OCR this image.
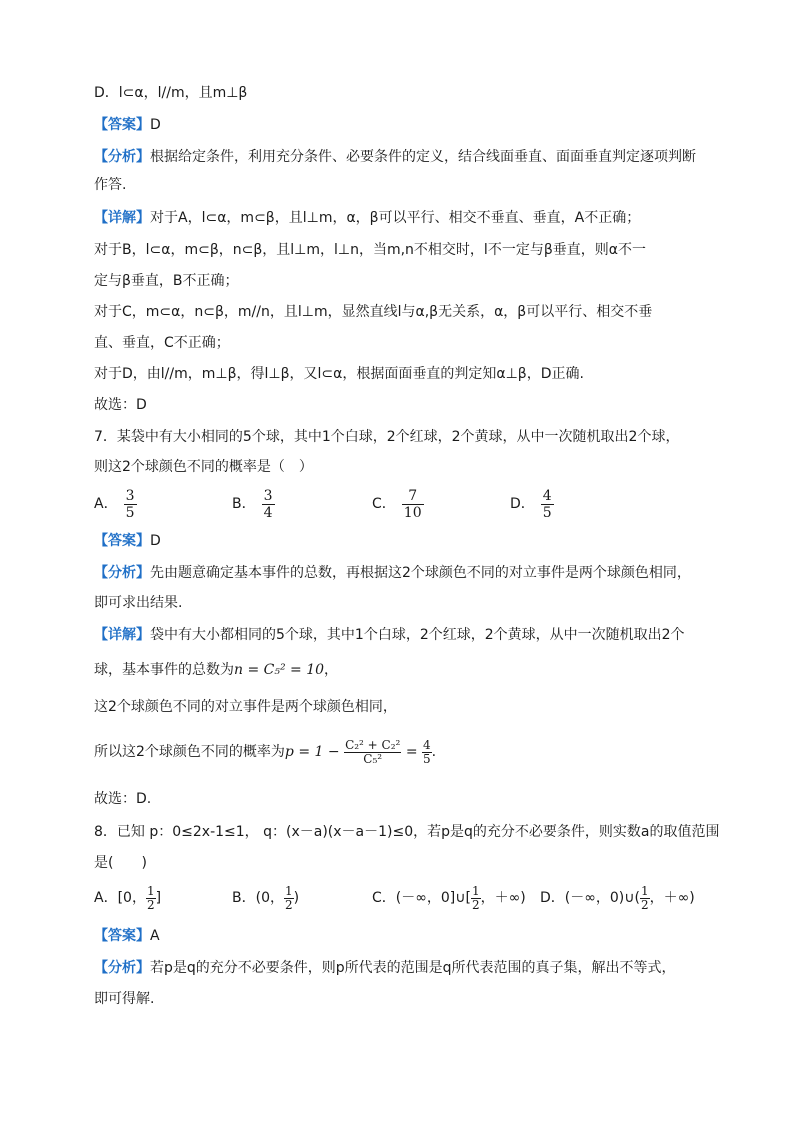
D．l⊂α，l//m，且m⊥β
【答案】D
【分析】根据给定条件，利用充分条件、必要条件的定义，结合线面垂直、面面垂直判定逐项判断
作答.
【详解】对于A，l⊂α，m⊂β，且l⊥m，α，β可以平行、相交不垂直、垂直，A不正确；
对于B，l⊂α，m⊂β，n⊂β，且l⊥m，l⊥n，当m,n不相交时，l不一定与β垂直，则α不一
定与β垂直，B不正确；
对于C，m⊂α，n⊂β，m//n，且l⊥m，显然直线l与α,β无关系，α，β可以平行、相交不垂
直、垂直，C不正确；
对于D，由l//m，m⊥β，得l⊥β，又l⊂α，根据面面垂直的判定知α⊥β，D正确.
故选：D
7．某袋中有大小相同的5个球，其中1个白球，2个红球，2个黄球，从中一次随机取出2个球，
则这2个球颜色不同的概率是（　）
A． $\frac{3}{5}$	B． $\frac{3}{4}$	C． $\frac{7}{10}$	D． $\frac{4}{5}$
【答案】D
【分析】先由题意确定基本事件的总数，再根据这2个球颜色不同的对立事件是两个球颜色相同，
即可求出结果.
【详解】袋中有大小都相同的5个球，其中1个白球，2个红球，2个黄球，从中一次随机取出2个
球，基本事件的总数为n = C₅² = 10，
这2个球颜色不同的对立事件是两个球颜色相同，
所以这2个球颜色不同的概率为$p = 1 - \frac{\text{C₂² + C₂²}}{\text{C₅²}} = \frac{4}{5}$ .
故选：D.
8．已知 p：0≤2x-1≤1， q：(x－a)(x－a－1)≤0，若p是q的充分不必要条件，则实数a的取值范围
是(　　)
A．[0， $\frac{1}{2}$ ]	B．(0， $\frac{1}{2}$ )	C．(－∞，0]∪[ $\frac{1}{2}$ ，＋∞) D．(－∞，0)∪( $\frac{1}{2}$ ，＋∞)
【答案】A
【分析】若p是q的充分不必要条件，则p所代表的范围是q所代表范围的真子集，解出不等式，
即可得解.
